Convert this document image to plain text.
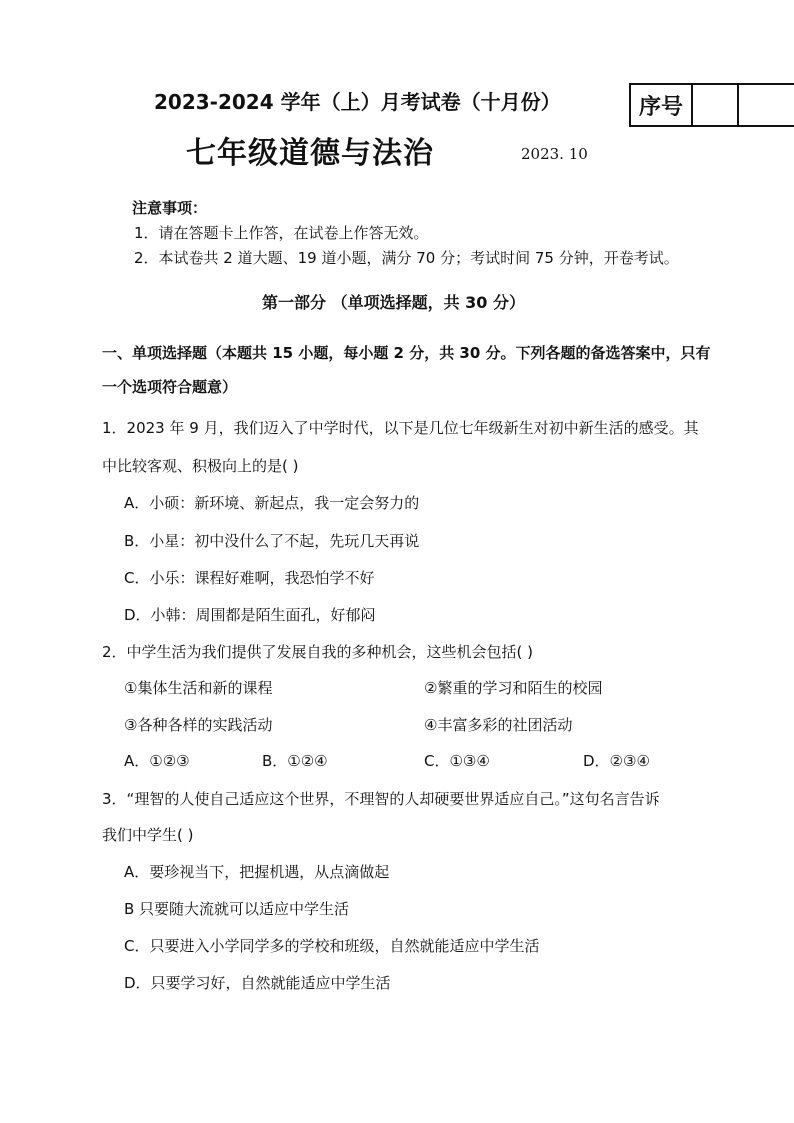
2023-2024 学年（上）月考试卷（十月份）
七年级道德与法治	2023. 10
序号
注意事项：
1．请在答题卡上作答，在试卷上作答无效。
2．本试卷共 2 道大题、19 道小题，满分 70 分；考试时间 75 分钟，开卷考试。
第一部分 （单项选择题，共 30 分）
一、单项选择题（本题共 15 小题，每小题 2 分，共 30 分。下列各题的备选答案中，只有
一个选项符合题意）
1．2023 年 9 月，我们迈入了中学时代，以下是几位七年级新生对初中新生活的感受。其
中比较客观、积极向上的是( )
A．小硕：新环境、新起点，我一定会努力的
B．小星：初中没什么了不起，先玩几天再说
C．小乐：课程好难啊，我恐怕学不好
D．小韩：周围都是陌生面孔，好郁闷
2．中学生活为我们提供了发展自我的多种机会，这些机会包括( )
①集体生活和新的课程	②繁重的学习和陌生的校园
③各种各样的实践活动	④丰富多彩的社团活动
A．①②③	B．①②④	C．①③④	D．②③④
3．“理智的人使自己适应这个世界，不理智的人却硬要世界适应自己。”这句名言告诉
我们中学生( )
A．要珍视当下，把握机遇，从点滴做起
B 只要随大流就可以适应中学生活
C．只要进入小学同学多的学校和班级，自然就能适应中学生活
D．只要学习好，自然就能适应中学生活
